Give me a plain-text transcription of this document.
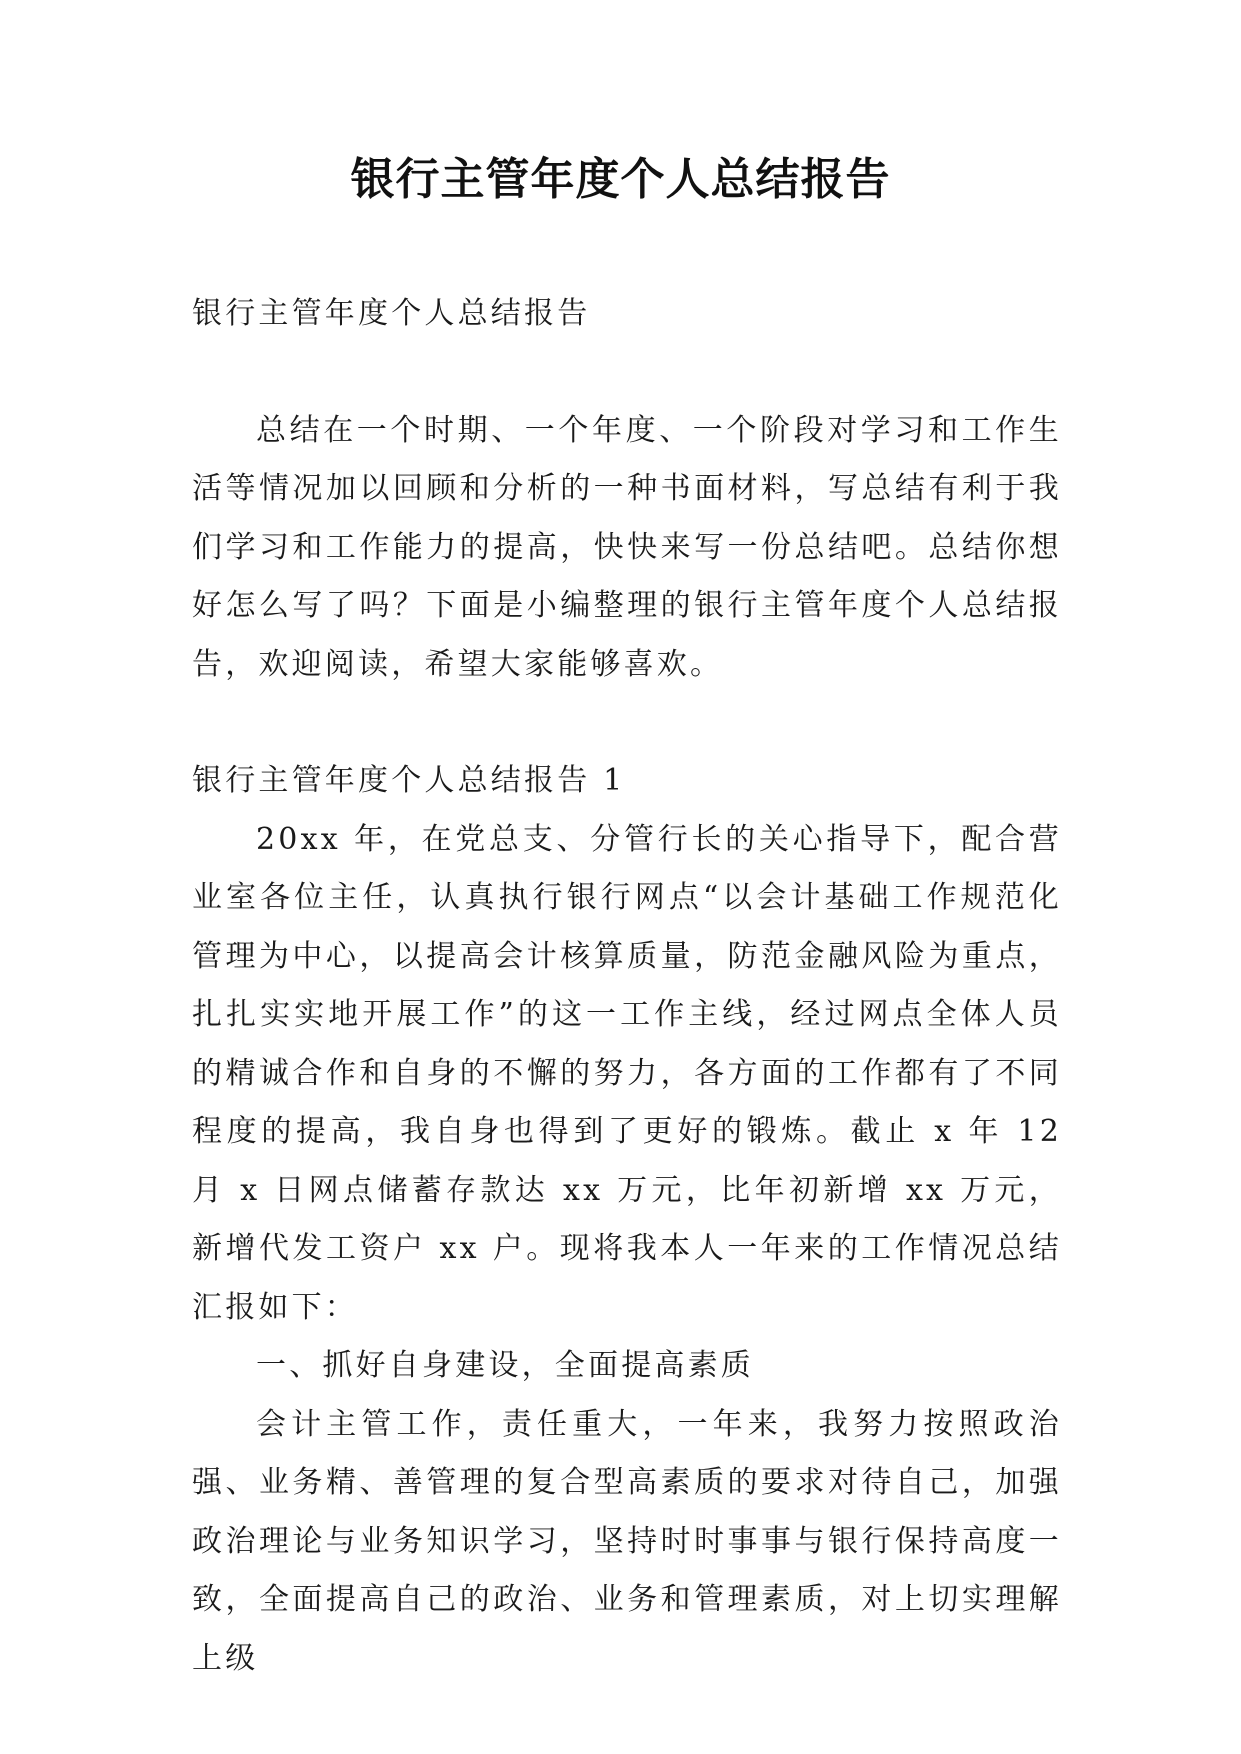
银行主管年度个人总结报告

银行主管年度个人总结报告

总结在一个时期、一个年度、一个阶段对学习和工作生活等情况加以回顾和分析的一种书面材料，写总结有利于我们学习和工作能力的提高，快快来写一份总结吧。总结你想好怎么写了吗？下面是小编整理的银行主管年度个人总结报告，欢迎阅读，希望大家能够喜欢。

银行主管年度个人总结报告 1

20xx 年，在党总支、分管行长的关心指导下，配合营业室各位主任，认真执行银行网点“以会计基础工作规范化管理为中心，以提高会计核算质量，防范金融风险为重点，扎扎实实地开展工作”的这一工作主线，经过网点全体人员的精诚合作和自身的不懈的努力，各方面的工作都有了不同程度的提高，我自身也得到了更好的锻炼。截止 x 年 12 月 x 日网点储蓄存款达 xx 万元，比年初新增 xx 万元，新增代发工资户 xx 户。现将我本人一年来的工作情况总结汇报如下：

一、抓好自身建设，全面提高素质

会计主管工作，责任重大，一年来，我努力按照政治强、业务精、善管理的复合型高素质的要求对待自己，加强政治理论与业务知识学习，坚持时时事事与银行保持高度一致，全面提高自己的政治、业务和管理素质，对上切实理解上级
